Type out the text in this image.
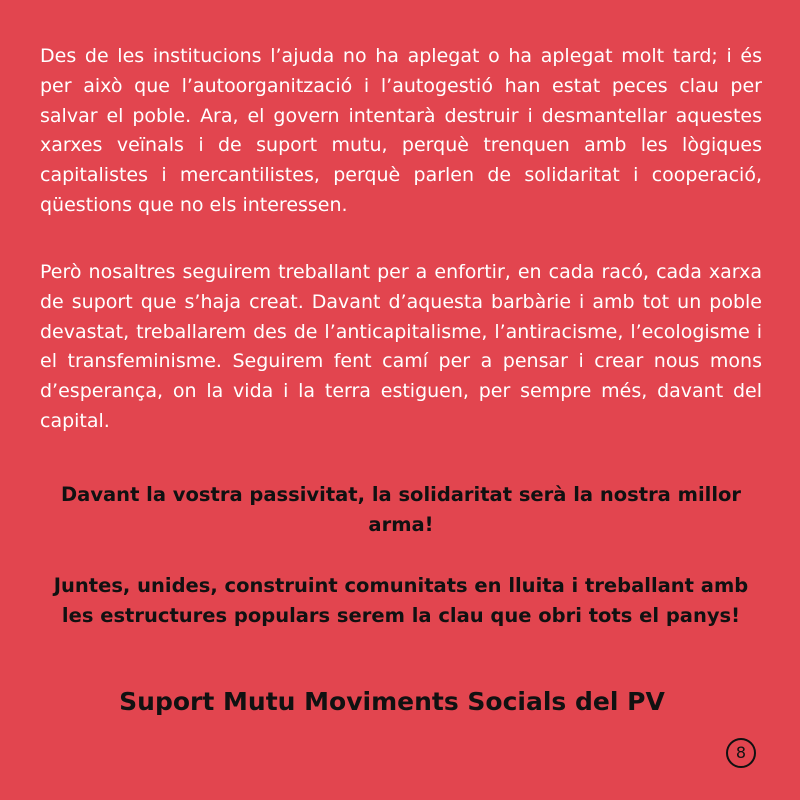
Des de les institucions l’ajuda no ha aplegat o ha aplegat molt tard; i és per això que l’autoorganització i l’autogestió han estat peces clau per salvar el poble. Ara, el govern intentarà destruir i desmantellar aquestes xarxes veïnals i de suport mutu, perquè trenquen amb les lògiques capitalistes i mercantilistes, perquè parlen de solidaritat i cooperació, qüestions que no els interessen.

Però nosaltres seguirem treballant per a enfortir, en cada racó, cada xarxa de suport que s’haja creat. Davant d’aquesta barbàrie i amb tot un poble devastat, treballarem des de l’anticapitalisme, l’antiracisme, l’ecologisme i el transfeminisme. Seguirem fent camí per a pensar i crear nous mons d’esperança, on la vida i la terra estiguen, per sempre més, davant del capital.

Davant la vostra passivitat, la solidaritat serà la nostra millor arma!

Juntes, unides, construint comunitats en lluita i treballant amb les estructures populars serem la clau que obri tots el panys!

Suport Mutu Moviments Socials del PV

8
